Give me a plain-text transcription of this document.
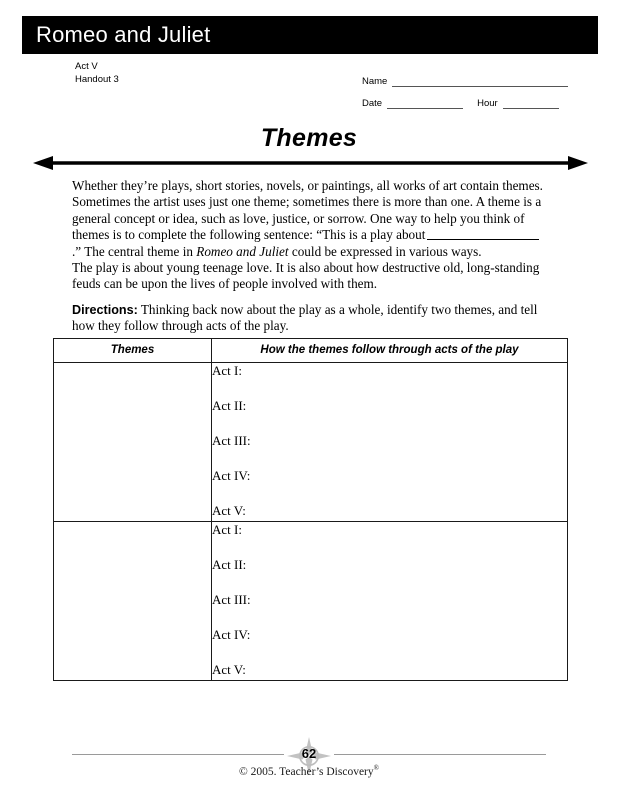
Romeo and Juliet
Act V
Handout 3	Name
Date	Hour
Themes
Whether they’re plays, short stories, novels, or paintings, all works of art contain themes. Sometimes the artist uses just one theme; sometimes there is more than one. A theme is a general concept or idea, such as love, justice, or sorrow. One way to help you think of themes is to complete the following sentence: “This is a play about.” The central theme in Romeo and Juliet could be expressed in various ways.
The play is about young teenage love. It is also about how destructive old, long-standing feuds can be upon the lives of people involved with them.
Directions: Thinking back now about the play as a whole, identify two themes, and tell how they follow through acts of the play.
Themes	How the themes follow through acts of the play

	Act I:
Act II:
Act III:
Act IV:
Act V:

	Act I:
Act II:
Act III:
Act IV:
Act V:
62
© 2005. Teacher’s Discovery®
